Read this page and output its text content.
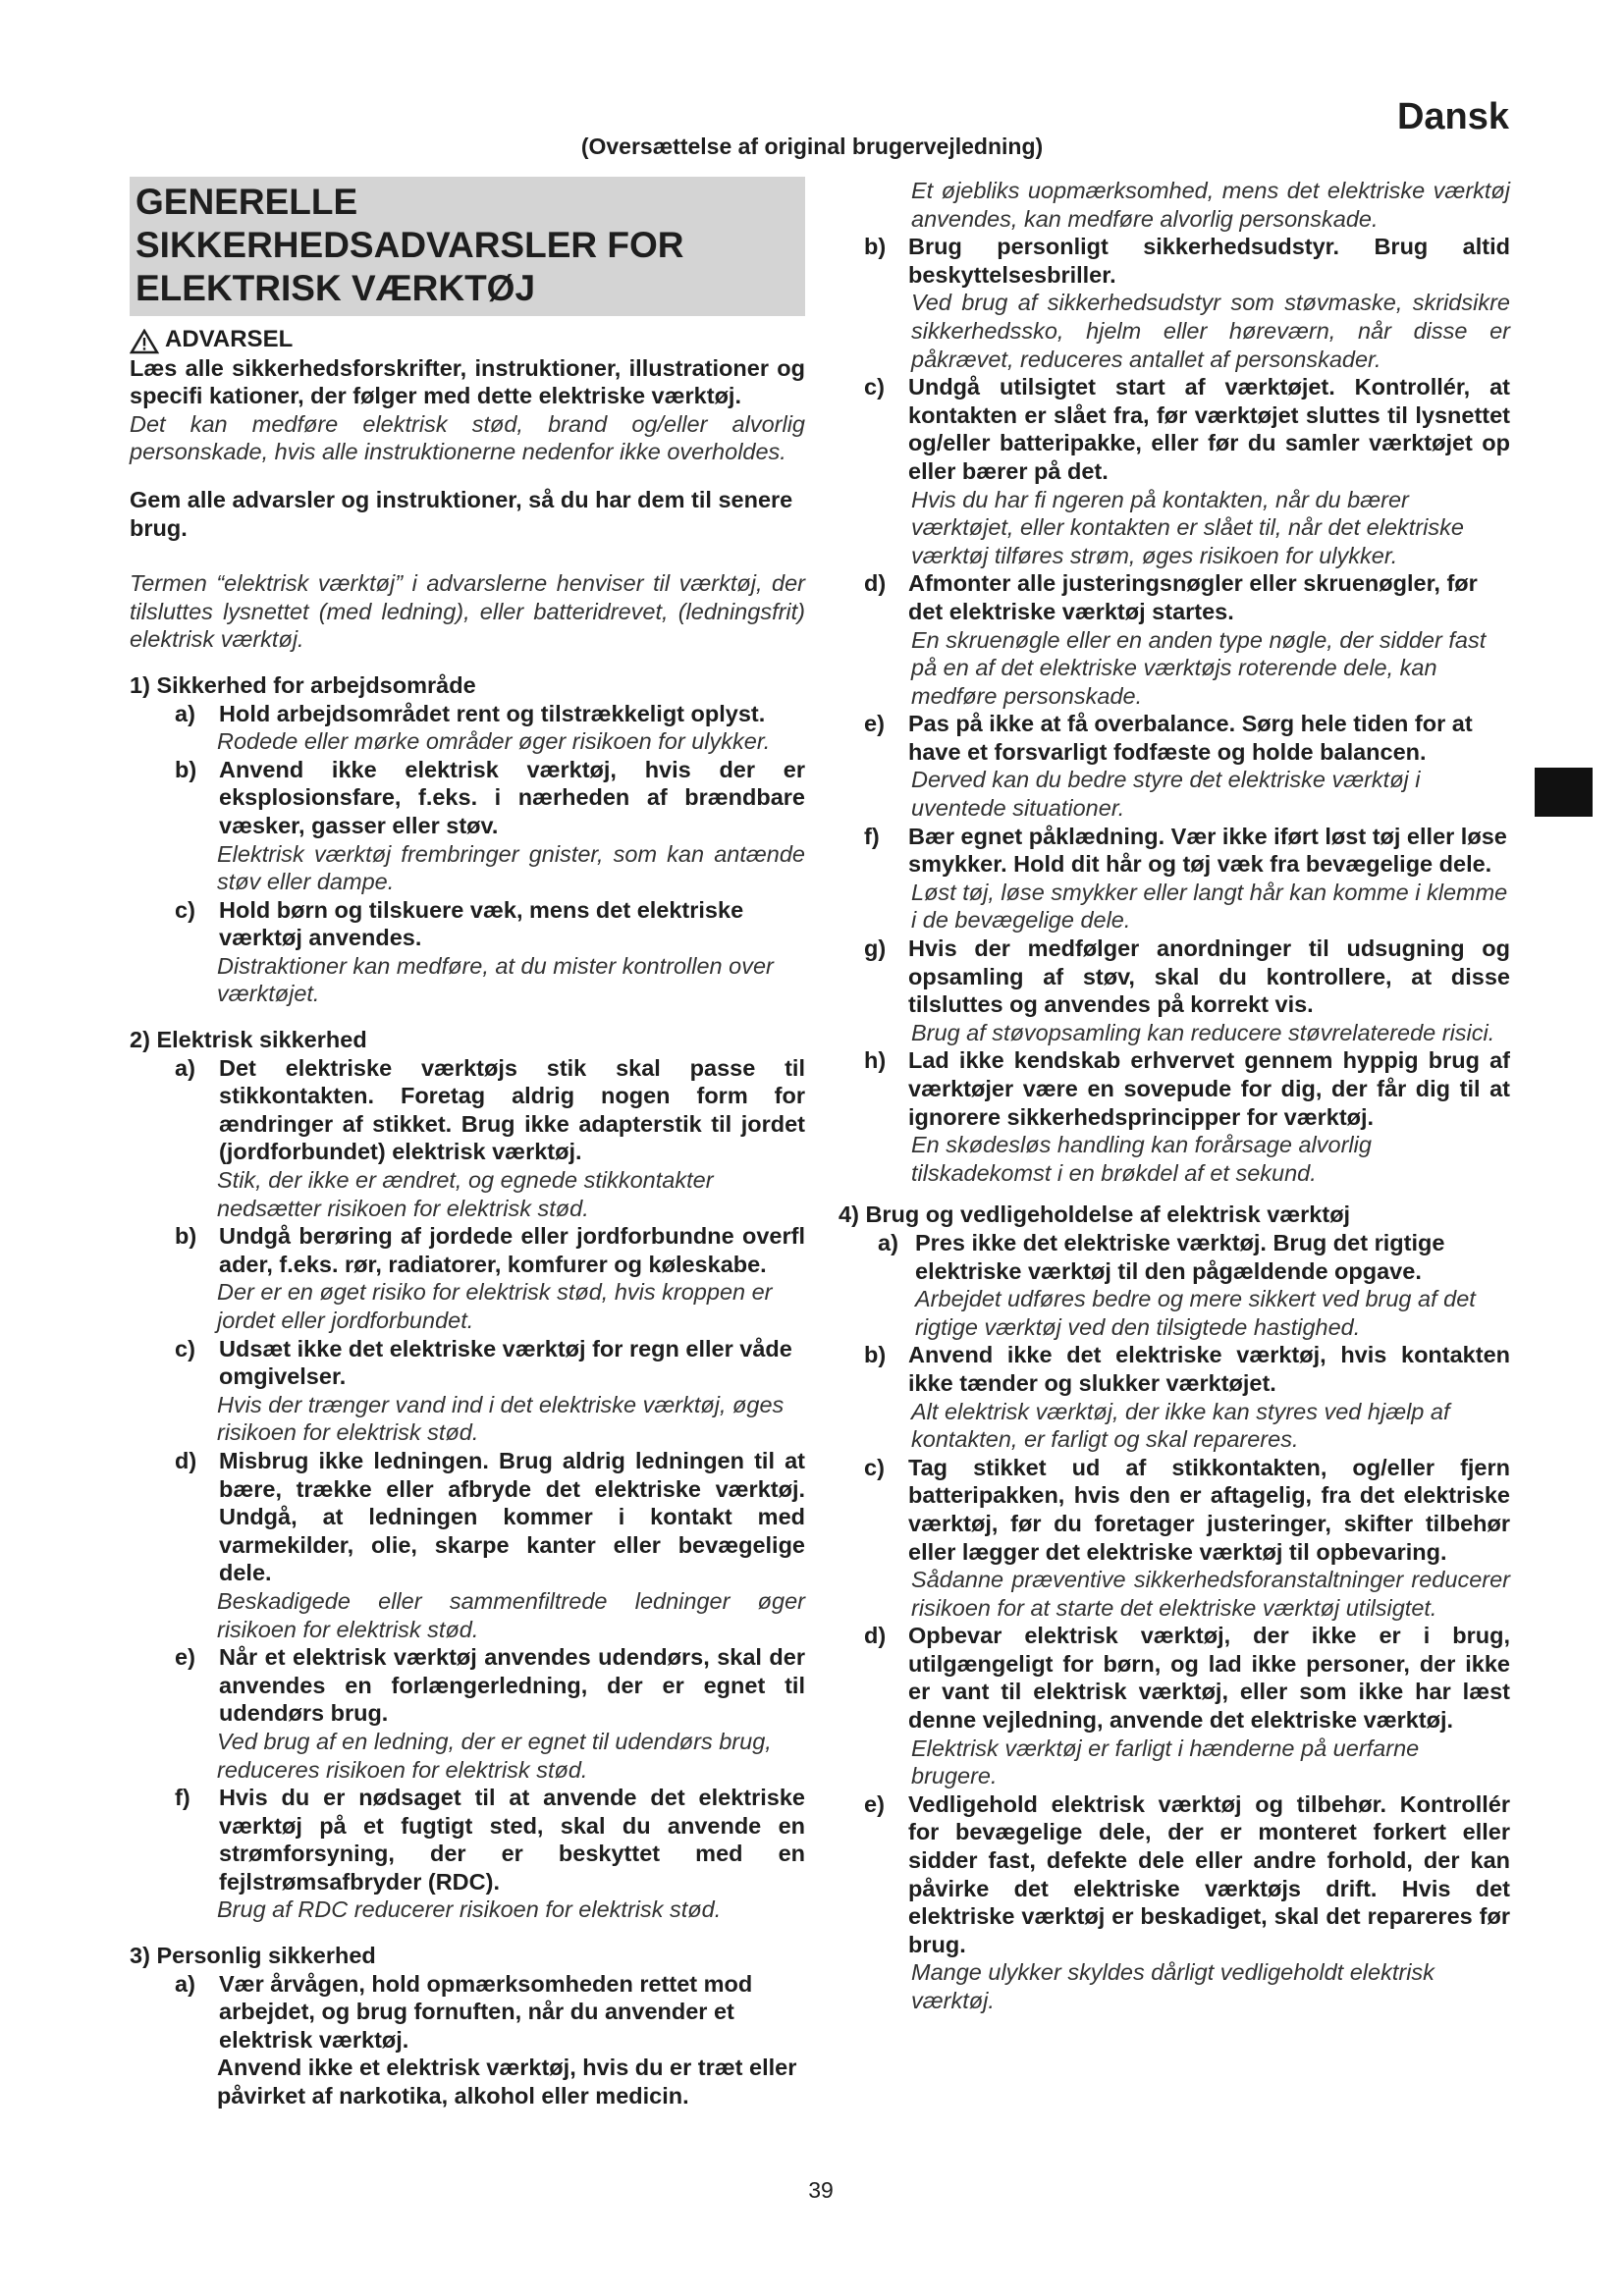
Dansk
(Oversættelse af original brugervejledning)
GENERELLE SIKKERHEDSADVARSLER FOR ELEKTRISK VÆRKTØJ
ADVARSEL

Læs alle sikkerhedsforskrifter, instruktioner, illustrationer og specifi kationer, der følger med dette elektriske værktøj.

Det kan medføre elektrisk stød, brand og/eller alvorlig personskade, hvis alle instruktionerne nedenfor ikke overholdes.

Gem alle advarsler og instruktioner, så du har dem til senere brug.

Termen “elektrisk værktøj” i advarslerne henviser til værktøj, der tilsluttes lysnettet (med ledning), eller batteridrevet, (ledningsfrit) elektrisk værktøj.

1) Sikkerhed for arbejdsområde
a)	Hold arbejdsområdet rent og tilstrækkeligt oplyst.

Rodede eller mørke områder øger risikoen for ulykker.

b) Anvend ikke elektrisk værktøj, hvis der er eksplosionsfare, f.eks. i nærheden af brændbare væsker, gasser eller støv.

Elektrisk værktøj frembringer gnister, som kan antænde støv eller dampe.

c)	Hold børn og tilskuere væk, mens det elektriske værktøj anvendes.

Distraktioner kan medføre, at du mister kontrollen over værktøjet.

2) Elektrisk sikkerhed
a)	Det elektriske værktøjs stik skal passe til stikkontakten. Foretag aldrig nogen form for ændringer af stikket. Brug ikke adapterstik til jordet (jordforbundet) elektrisk værktøj.

Stik, der ikke er ændret, og egnede stikkontakter nedsætter risikoen for elektrisk stød.

b) Undgå berøring af jordede eller jordforbundne overfl ader, f.eks. rør, radiatorer, komfurer og køleskabe.

Der er en øget risiko for elektrisk stød, hvis kroppen er jordet eller jordforbundet.

c)	Udsæt ikke det elektriske værktøj for regn eller våde omgivelser.

Hvis der trænger vand ind i det elektriske værktøj, øges risikoen for elektrisk stød.

d) Misbrug ikke ledningen. Brug aldrig ledningen til at bære, trække eller afbryde det elektriske værktøj. Undgå, at ledningen kommer i kontakt med varmekilder, olie, skarpe kanter eller bevægelige dele.

Beskadigede eller sammenfiltrede ledninger øger risikoen for elektrisk stød.

e)	Når et elektrisk værktøj anvendes udendørs, skal der anvendes en forlængerledning, der er egnet til udendørs brug.

Ved brug af en ledning, der er egnet til udendørs brug, reduceres risikoen for elektrisk stød.

f)	Hvis du er nødsaget til at anvende det elektriske værktøj på et fugtigt sted, skal du anvende en strømforsyning, der er beskyttet med en fejlstrømsafbryder (RDC).

Brug af RDC reducerer risikoen for elektrisk stød.

3) Personlig sikkerhed
a)	Vær årvågen, hold opmærksomheden rettet mod arbejdet, og brug fornuften, når du anvender et elektrisk værktøj.

Anvend ikke et elektrisk værktøj, hvis du er træt eller påvirket af narkotika, alkohol eller medicin.

Et øjebliks uopmærksomhed, mens det elektriske værktøj anvendes, kan medføre alvorlig personskade.

b) Brug personligt sikkerhedsudstyr. Brug altid beskyttelsesbriller.

Ved brug af sikkerhedsudstyr som støvmaske, skridsikre sikkerhedssko, hjelm eller høreværn, når disse er påkrævet, reduceres antallet af personskader.

c)	Undgå utilsigtet start af værktøjet. Kontrollér, at kontakten er slået fra, før værktøjet sluttes til lysnettet og/eller batteripakke, eller før du samler værktøjet op eller bærer på det.

Hvis du har fi ngeren på kontakten, når du bærer værktøjet, eller kontakten er slået til, når det elektriske værktøj tilføres strøm, øges risikoen for ulykker.

d) Afmonter alle justeringsnøgler eller skruenøgler, før det elektriske værktøj startes.

En skruenøgle eller en anden type nøgle, der sidder fast på en af det elektriske værktøjs roterende dele, kan medføre personskade.

e)	Pas på ikke at få overbalance. Sørg hele tiden for at have et forsvarligt fodfæste og holde balancen.

Derved kan du bedre styre det elektriske værktøj i uventede situationer.

f)	Bær egnet påklædning. Vær ikke iført løst tøj eller løse smykker. Hold dit hår og tøj væk fra bevægelige dele.

Løst tøj, løse smykker eller langt hår kan komme i klemme i de bevægelige dele.

g) Hvis der medfølger anordninger til udsugning og opsamling af støv, skal du kontrollere, at disse tilsluttes og anvendes på korrekt vis.

Brug af støvopsamling kan reducere støvrelaterede risici.

h) Lad ikke kendskab erhvervet gennem hyppig brug af værktøjer være en sovepude for dig, der får dig til at ignorere sikkerhedsprincipper for værktøj.

En skødesløs handling kan forårsage alvorlig tilskadekomst i en brøkdel af et sekund.

4) Brug og vedligeholdelse af elektrisk værktøj
a) Pres ikke det elektriske værktøj. Brug det rigtige elektriske værktøj til den pågældende opgave.

Arbejdet udføres bedre og mere sikkert ved brug af det rigtige værktøj ved den tilsigtede hastighed.

b) Anvend ikke det elektriske værktøj, hvis kontakten ikke tænder og slukker værktøjet.

Alt elektrisk værktøj, der ikke kan styres ved hjælp af kontakten, er farligt og skal repareres.

c)	Tag stikket ud af stikkontakten, og/eller fjern batteripakken, hvis den er aftagelig, fra det elektriske værktøj, før du foretager justeringer, skifter tilbehør eller lægger det elektriske værktøj til opbevaring.

Sådanne præventive sikkerhedsforanstaltninger reducerer risikoen for at starte det elektriske værktøj utilsigtet.

d) Opbevar elektrisk værktøj, der ikke er i brug, utilgængeligt for børn, og lad ikke personer, der ikke er vant til elektrisk værktøj, eller som ikke har læst denne vejledning, anvende det elektriske værktøj.

Elektrisk værktøj er farligt i hænderne på uerfarne brugere.

e)	Vedligehold elektrisk værktøj og tilbehør. Kontrollér for bevægelige dele, der er monteret forkert eller sidder fast, defekte dele eller andre forhold, der kan påvirke det elektriske værktøjs drift. Hvis det elektriske værktøj er beskadiget, skal det repareres før brug.

Mange ulykker skyldes dårligt vedligeholdt elektrisk værktøj.

39
